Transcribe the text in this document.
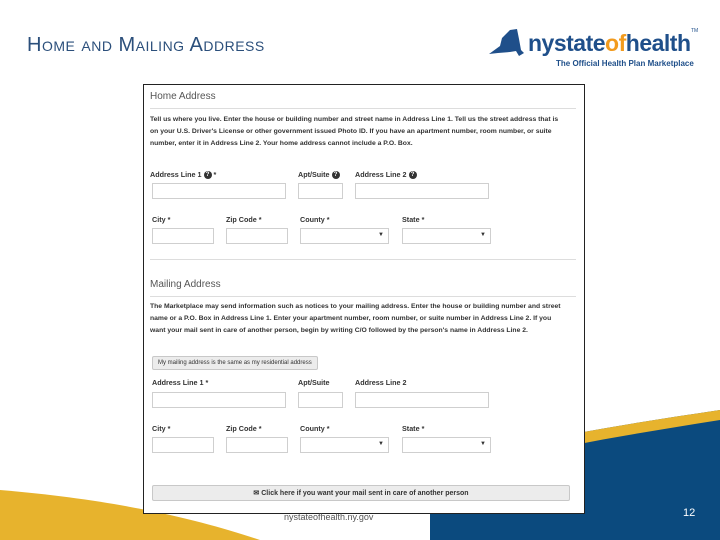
Home and Mailing Address	nystateofhealth TM
The Official Health Plan Marketplace
Home Address
Tell us where you live. Enter the house or building number and street name in Address Line 1. Tell us the street address that is on your U.S. Driver's License or other government issued Photo ID. If you have an apartment number, room number, or suite number, enter it in Address Line 2. Your home address cannot include a P.O. Box.
Address Line 1 ? *	Apt/Suite ?	Address Line 2 ?
City *	Zip Code *	County *	State *
▼	▼
Mailing Address
The Marketplace may send information such as notices to your mailing address. Enter the house or building number and street name or a P.O. Box in Address Line 1. Enter your apartment number, room number, or suite number in Address Line 2. If you want your mail sent in care of another person, begin by writing C/O followed by the person's name in Address Line 2.
My mailing address is the same as my residential address
Address Line 1 *	Apt/Suite	Address Line 2
City *	Zip Code *	County *	State *
▼	▼
✉ Click here if you want your mail sent in care of another person
nystateofhealth.ny.gov	12
